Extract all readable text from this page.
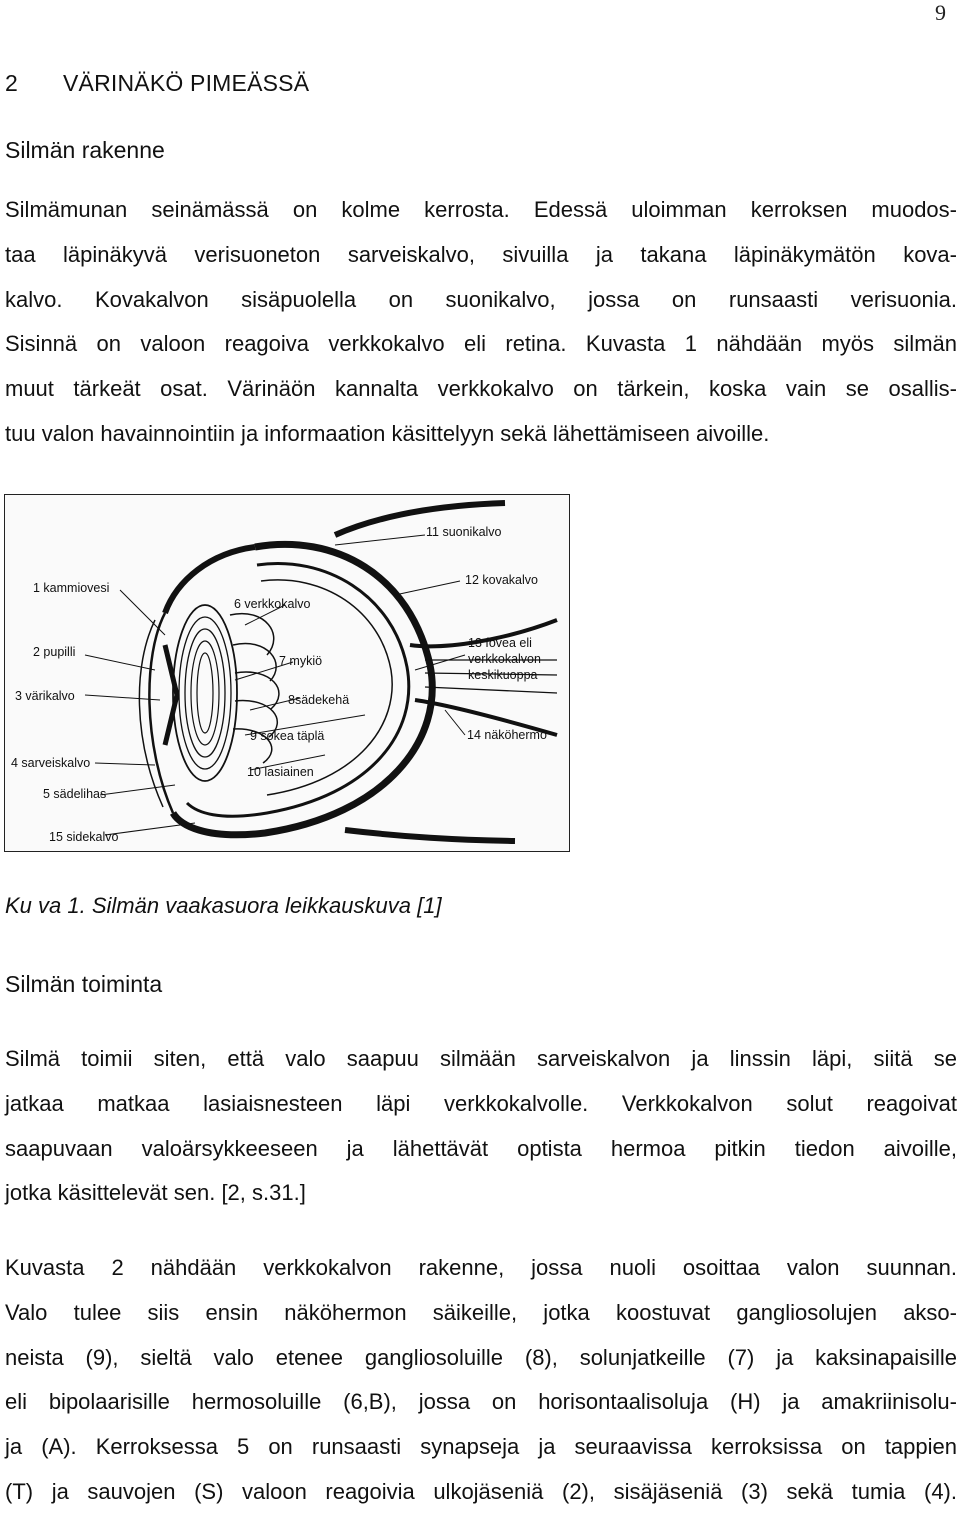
9
2 VÄRINÄKÖ PIMEÄSSÄ
Silmän rakenne
Silmämunan seinämässä on kolme kerrosta. Edessä uloimman kerroksen muodos-
taa läpinäkyvä verisuoneton sarveiskalvo, sivuilla ja takana läpinäkymätön kova-
kalvo. Kovakalvon sisäpuolella on suonikalvo, jossa on runsaasti verisuonia.
Sisinnä on valoon reagoiva verkkokalvo eli retina. Kuvasta 1 nähdään myös silmän
muut tärkeät osat. Värinäön kannalta verkkokalvo on tärkein, koska vain se osallis-
tuu valon havainnointiin ja informaation käsittelyyn sekä lähettämiseen aivoille.
11 suonikalvo
12 kovakalvo
1 kammiovesi
6 verkkokalvo
13 fovea eli
verkkokalvon
keskikuoppa
2 pupilli
7 mykiö
3 värikalvo	8sädekehä
9 sokea täplä	14 näköhermo
4 sarveiskalvo
10 lasiainen
5 sädelihas
15 sidekalvo
Ku va 1. Silmän vaakasuora leikkauskuva [1]
Silmän toiminta
Silmä toimii siten, että valo saapuu silmään sarveiskalvon ja linssin läpi, siitä se
jatkaa matkaa lasiaisnesteen läpi verkkokalvolle. Verkkokalvon solut reagoivat
saapuvaan valoärsykkeeseen ja lähettävät optista hermoa pitkin tiedon aivoille,
jotka käsittelevät sen. [2, s.31.]
Kuvasta 2 nähdään verkkokalvon rakenne, jossa nuoli osoittaa valon suunnan.
Valo tulee siis ensin näköhermon säikeille, jotka koostuvat gangliosolujen akso-
neista (9), sieltä valo etenee gangliosoluille (8), solunjatkeille (7) ja kaksinapaisille
eli bipolaarisille hermosoluille (6,B), jossa on horisontaalisoluja (H) ja amakriinisolu-
ja (A). Kerroksessa 5 on runsaasti synapseja ja seuraavissa kerroksissa on tappien
(T) ja sauvojen (S) valoon reagoivia ulkojäseniä (2), sisäjäseniä (3) sekä tumia (4).
